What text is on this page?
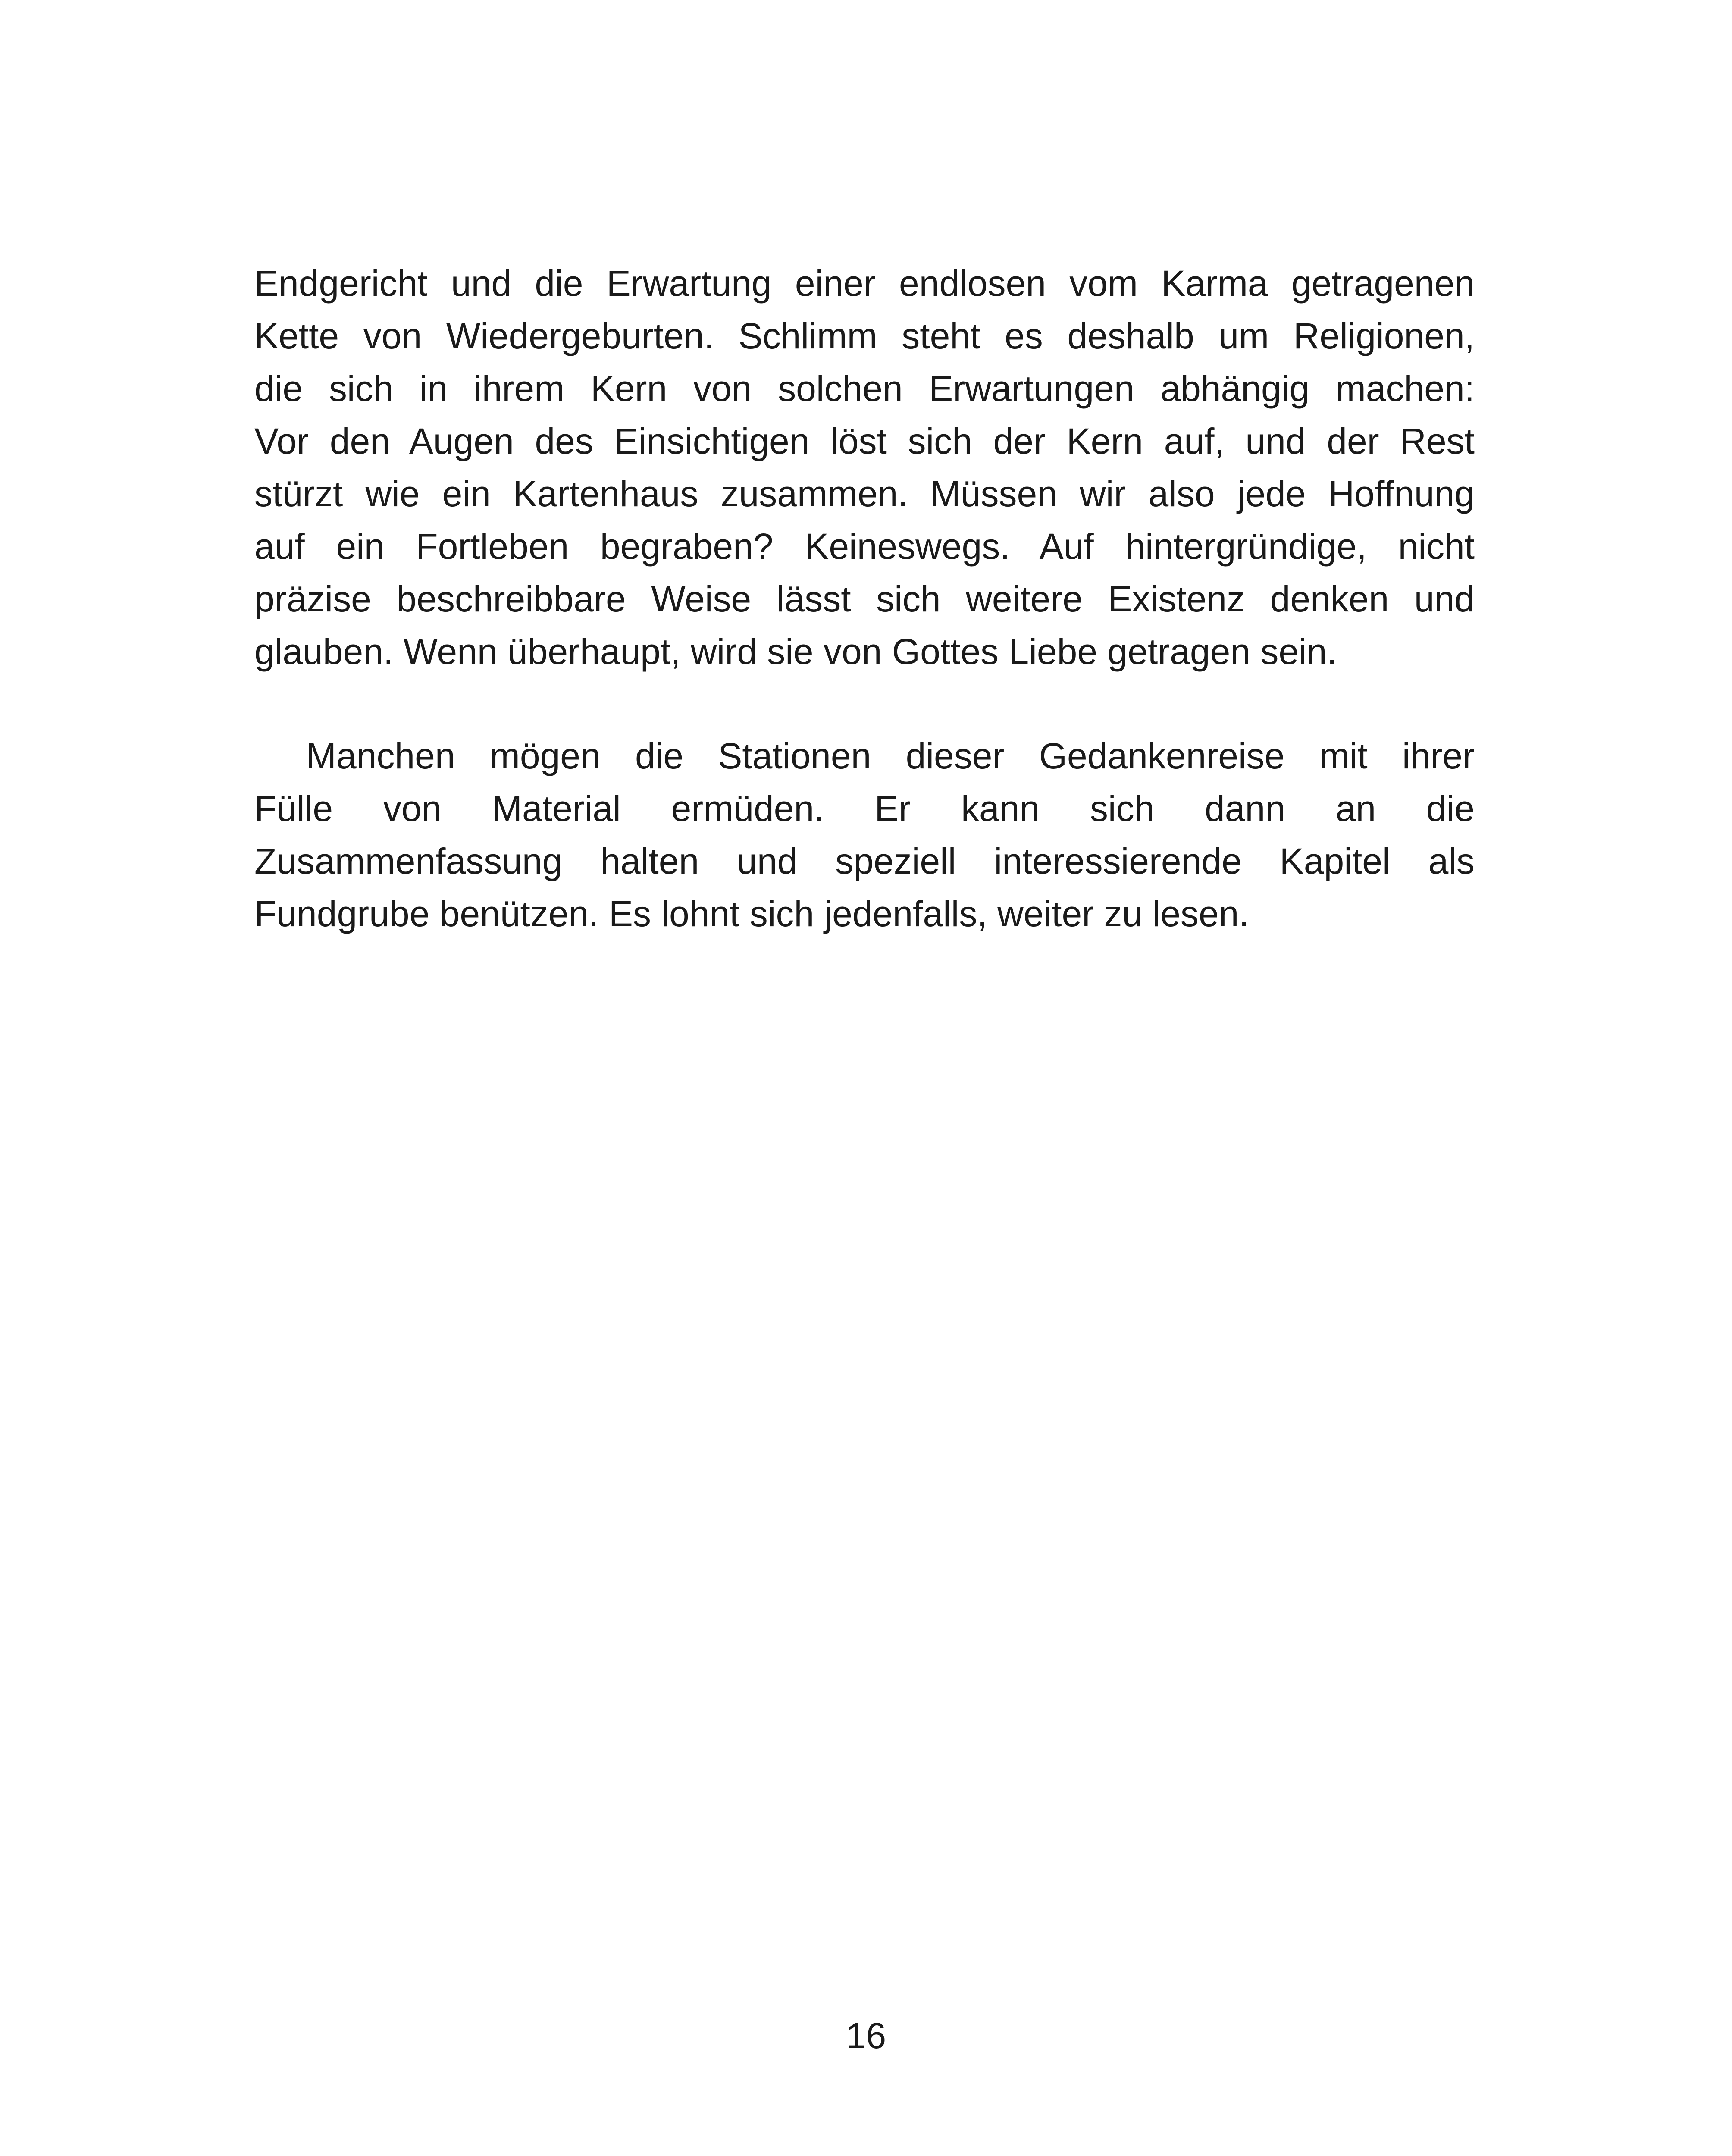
Endgericht und die Erwartung einer endlosen vom Karma getragenen
Kette von Wiedergeburten. Schlimm steht es deshalb um Religionen,
die sich in ihrem Kern von solchen Erwartungen abhängig machen:
Vor den Augen des Einsichtigen löst sich der Kern auf, und der Rest
stürzt wie ein Kartenhaus zusammen. Müssen wir also jede Hoffnung
auf ein Fortleben begraben? Keineswegs. Auf hintergründige, nicht
präzise beschreibbare Weise lässt sich weitere Existenz denken und
glauben. Wenn überhaupt, wird sie von Gottes Liebe getragen sein.
Manchen mögen die Stationen dieser Gedankenreise mit ihrer
Fülle von Material ermüden. Er kann sich dann an die
Zusammenfassung halten und speziell interessierende Kapitel als
Fundgrube benützen. Es lohnt sich jedenfalls, weiter zu lesen.
16
